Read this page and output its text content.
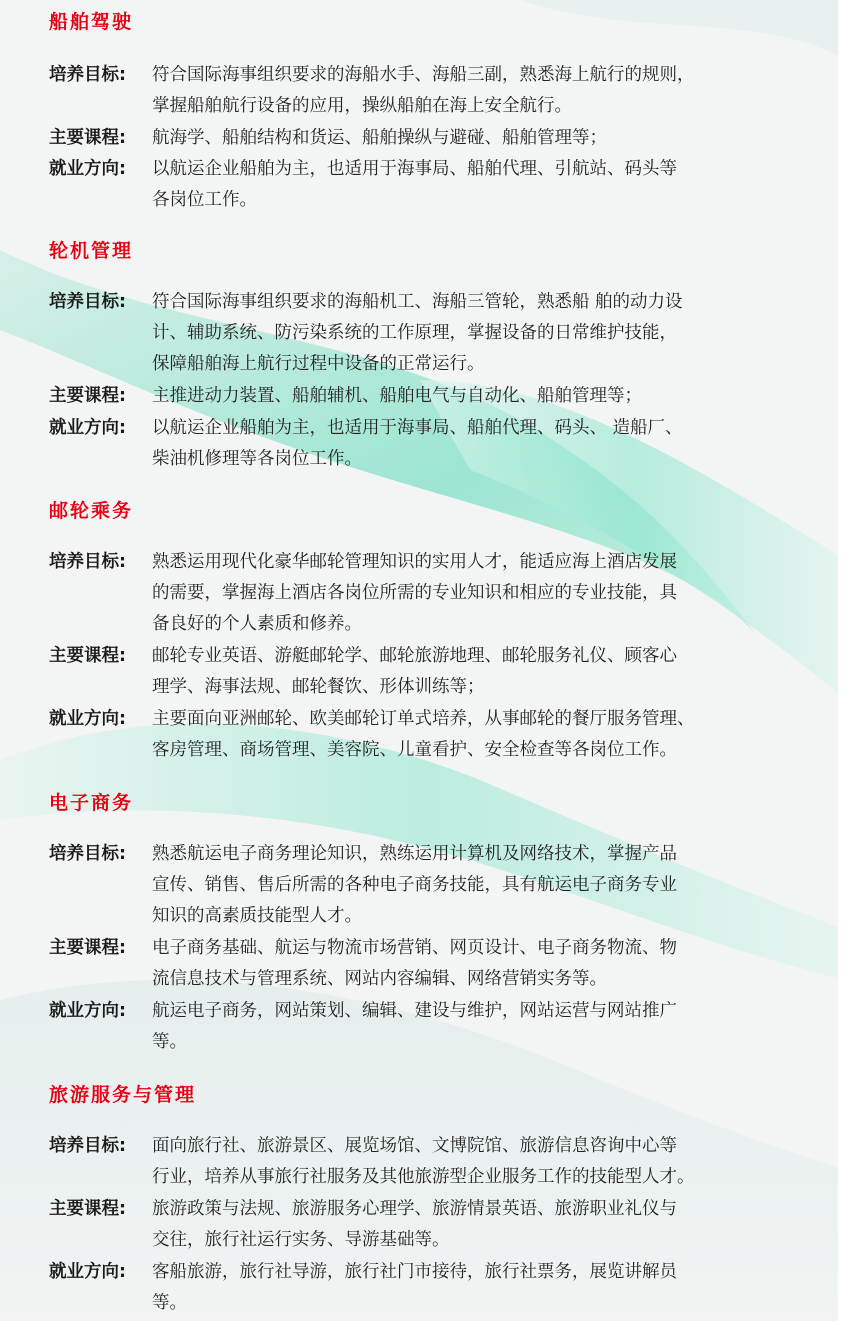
船舶驾驶
培养目标:	符合国际海事组织要求的海船水手、海船三副，熟悉海上航行的规则，
掌握船舶航行设备的应用，操纵船舶在海上安全航行。
主要课程:	航海学、船舶结构和货运、船舶操纵与避碰、船舶管理等；
就业方向:	以航运企业船舶为主，也适用于海事局、船舶代理、引航站、码头等
各岗位工作。
轮机管理
培养目标:	符合国际海事组织要求的海船机工、海船三管轮，熟悉船 舶的动力设
计、辅助系统、防污染系统的工作原理，掌握设备的日常维护技能，
保障船舶海上航行过程中设备的正常运行。
主要课程:	主推进动力装置、船舶辅机、船舶电气与自动化、船舶管理等；
就业方向:	以航运企业船舶为主，也适用于海事局、船舶代理、码头、 造船厂、
柴油机修理等各岗位工作。
邮轮乘务
培养目标:	熟悉运用现代化豪华邮轮管理知识的实用人才，能适应海上酒店发展
的需要，掌握海上酒店各岗位所需的专业知识和相应的专业技能，具
备良好的个人素质和修养。
主要课程:	邮轮专业英语、游艇邮轮学、邮轮旅游地理、邮轮服务礼仪、顾客心
理学、海事法规、邮轮餐饮、形体训练等；
就业方向:	主要面向亚洲邮轮、欧美邮轮订单式培养，从事邮轮的餐厅服务管理、
客房管理、商场管理、美容院、儿童看护、安全检查等各岗位工作。
电子商务
培养目标:	熟悉航运电子商务理论知识，熟练运用计算机及网络技术，掌握产品
宣传、销售、售后所需的各种电子商务技能，具有航运电子商务专业
知识的高素质技能型人才。
主要课程:	电子商务基础、航运与物流市场营销、网页设计、电子商务物流、物
流信息技术与管理系统、网站内容编辑、网络营销实务等。
就业方向:	航运电子商务，网站策划、编辑、建设与维护，网站运营与网站推广
等。
旅游服务与管理
培养目标:	面向旅行社、旅游景区、展览场馆、文博院馆、旅游信息咨询中心等
行业，培养从事旅行社服务及其他旅游型企业服务工作的技能型人才。
主要课程:	旅游政策与法规、旅游服务心理学、旅游情景英语、旅游职业礼仪与
交往，旅行社运行实务、导游基础等。
就业方向:	客船旅游，旅行社导游，旅行社门市接待，旅行社票务，展览讲解员
等。
